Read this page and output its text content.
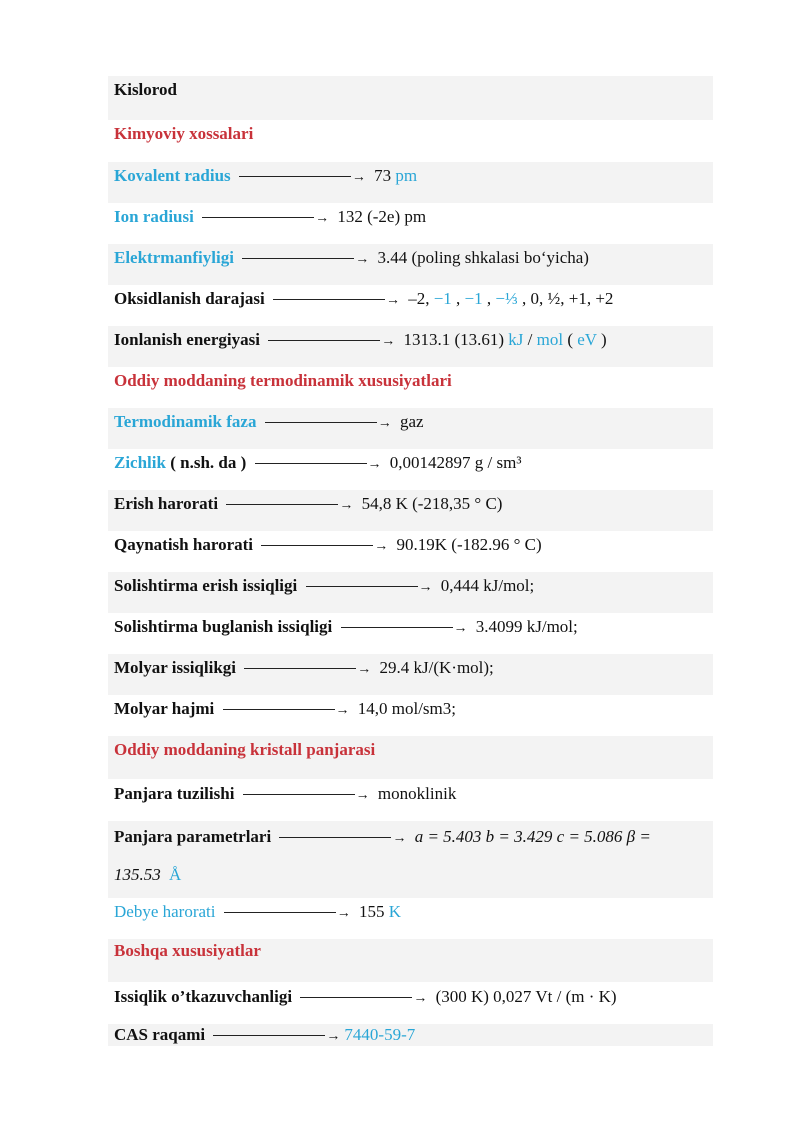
Kislorod
Kimyoviy xossalari
Kovalent radius	→ 73 pm
Ion radiusi	→ 132 (-2e) pm
Elektrmanfiyligi	→ 3.44 (poling shkalasi bo‘yicha)
Oksidlanish darajasi	→ –2, −1 , −1 , −⅓ , 0, ½, +1, +2
Ionlanish energiyasi	→ 1313.1 (13.61) kJ / mol ( eV )
Oddiy moddaning termodinamik xususiyatlari
Termodinamik faza	→ gaz
Zichlik ( n.sh. da )	→ 0,00142897 g / sm³
Erish harorati	→ 54,8 K (-218,35 ° C)
Qaynatish harorati	→ 90.19K (-182.96 ° C)
Solishtirma erish issiqligi	→ 0,444 kJ/mol;
Solishtirma buglanish issiqligi	→ 3.4099 kJ/mol;
Molyar issiqlikgi	→ 29.4 kJ/(K·mol);
Molyar hajmi	→ 14,0 mol/sm3;
Oddiy moddaning kristall panjarasi
Panjara tuzilishi	→ monoklinik
Panjara parametrlari	→ a = 5.403 b = 3.429 c = 5.086 β =
135.53 Å
Debye harorati	→ 155 K
Boshqa xususiyatlar
Issiqlik o’tkazuvchanligi	→ (300 K) 0,027 Vt / (m · K)
CAS raqami	→ 7440-59-7
